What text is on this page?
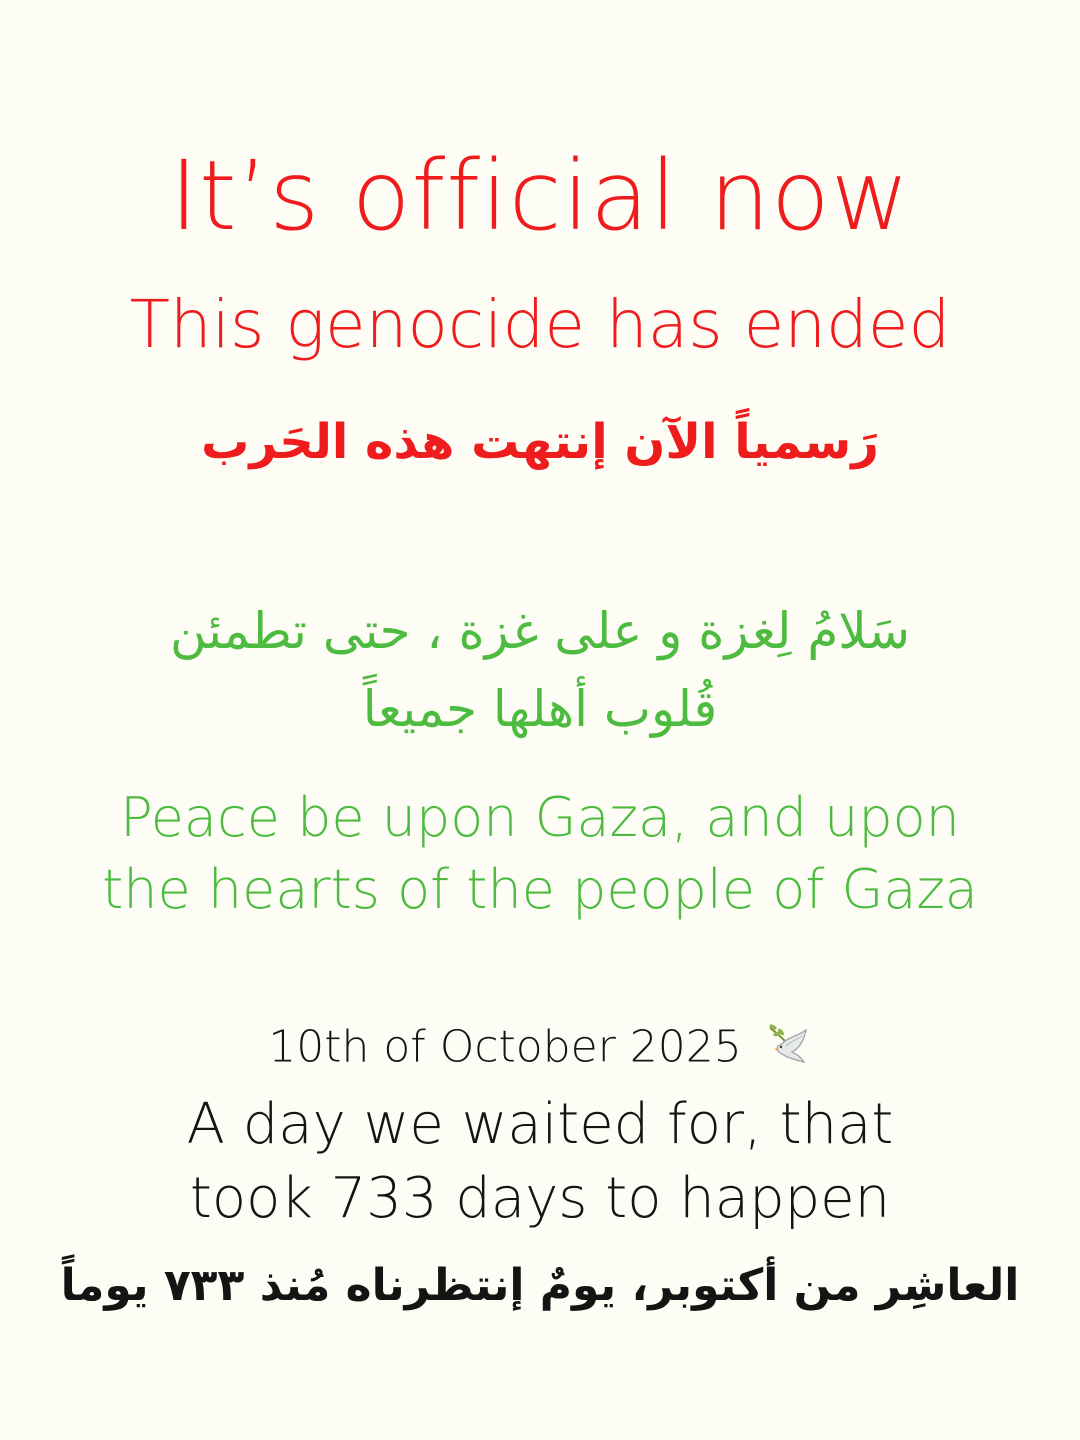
It’s official now
This genocide has ended
رَسمياً الآن إنتهت هذه الحَرب
سَلامُ لِغزة و على غزة ، حتى تطمئن
قُلوب أهلها جميعاً
Peace be upon Gaza, and upon
the hearts of the people of Gaza
10th of October 2025
A day we waited for, that
took 733 days to happen
العاشِر من أكتوبر، يومٌ إنتظرناه مُنذ ٧٣٣ يوماً
